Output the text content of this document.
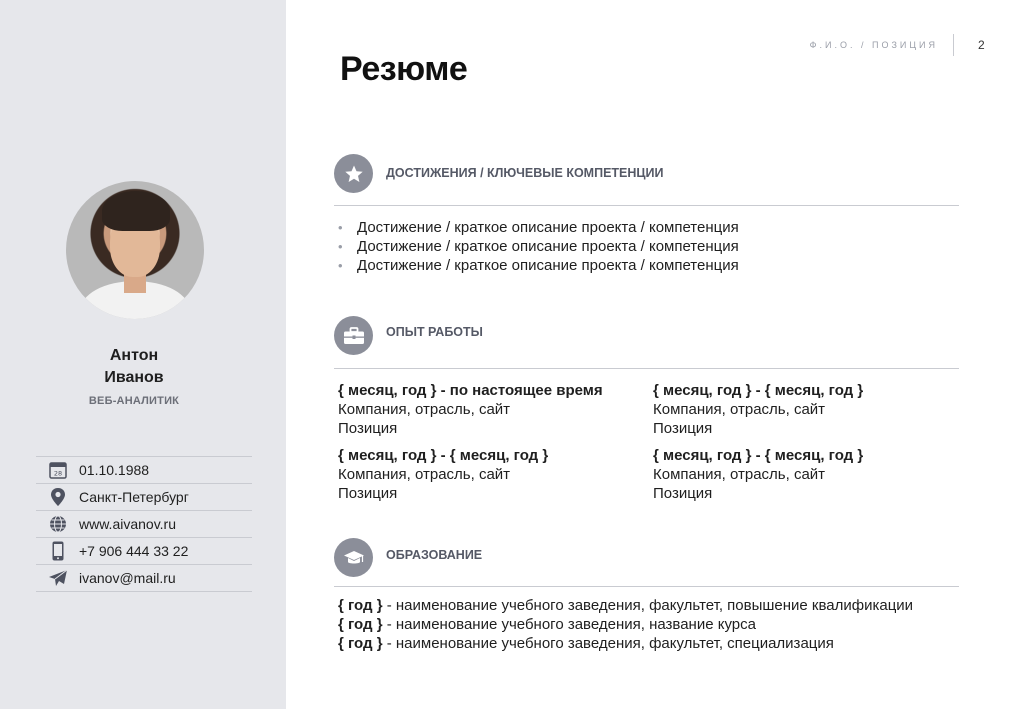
Антон
Иванов
ВЕБ-АНАЛИТИК
28 01.10.1988
Санкт-Петербург
www.aivanov.ru
+7 906 444 33 22
ivanov@mail.ru
Ф.И.О. / ПОЗИЦИЯ	2
Резюме
ДОСТИЖЕНИЯ / КЛЮЧЕВЫЕ КОМПЕТЕНЦИИ
• Достижение / краткое описание проекта / компетенция
• Достижение / краткое описание проекта / компетенция
• Достижение / краткое описание проекта / компетенция
ОПЫТ РАБОТЫ
{ месяц, год } - по настоящее время
Компания, отрасль, сайт
Позиция
{ месяц, год } - { месяц, год }
Компания, отрасль, сайт
Позиция
{ месяц, год } - { месяц, год }
Компания, отрасль, сайт
Позиция
{ месяц, год } - { месяц, год }
Компания, отрасль, сайт
Позиция
ОБРАЗОВАНИЕ
{ год } - наименование учебного заведения, факультет, повышение квалификации
{ год } - наименование учебного заведения, название курса
{ год } - наименование учебного заведения, факультет, специализация
